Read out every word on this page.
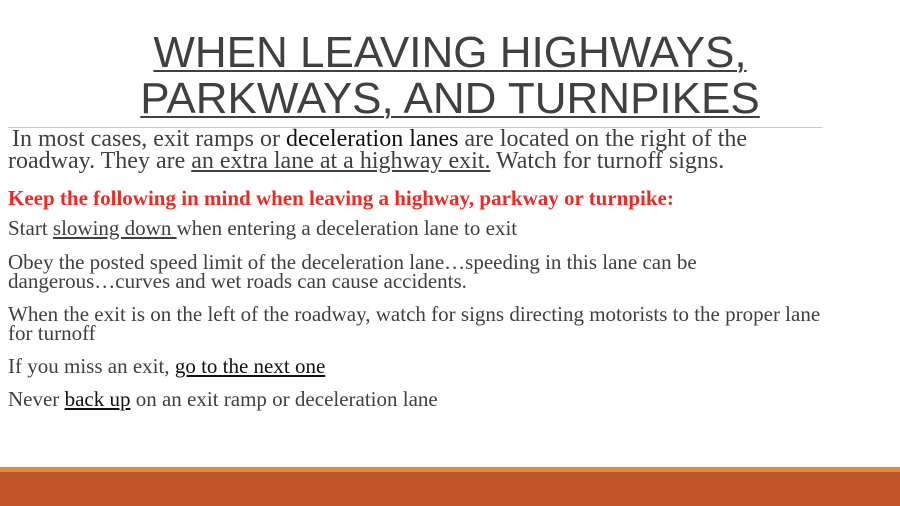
WHEN LEAVING HIGHWAYS,
PARKWAYS, AND TURNPIKES
In most cases, exit ramps or deceleration lanes are located on the right of the
roadway. They are an extra lane at a highway exit. Watch for turnoff signs.
Keep the following in mind when leaving a highway, parkway or turnpike:
Start slowing down when entering a deceleration lane to exit
Obey the posted speed limit of the deceleration lane…speeding in this lane can be
dangerous…curves and wet roads can cause accidents.
When the exit is on the left of the roadway, watch for signs directing motorists to the proper lane
for turnoff
If you miss an exit, go to the next one
Never back up on an exit ramp or deceleration lane
